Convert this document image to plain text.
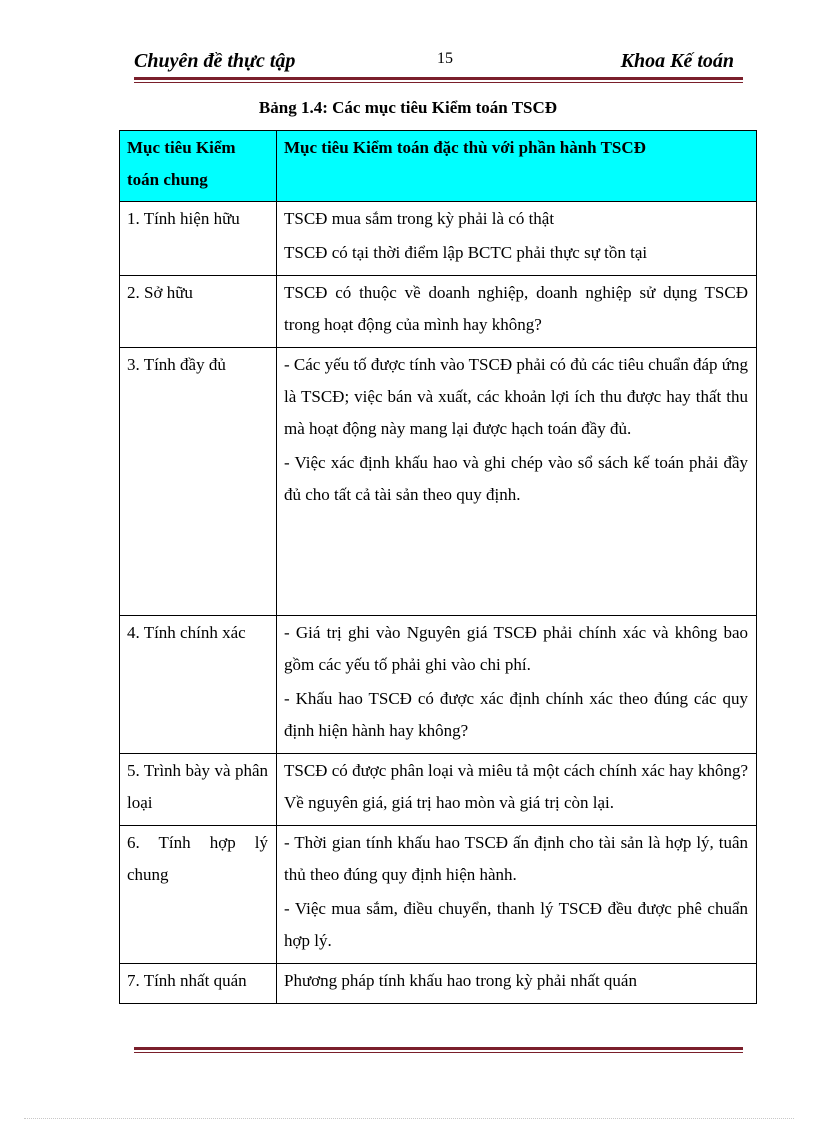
Chuyên đề thực tập	15	Khoa Kế toán
Bảng 1.4: Các mục tiêu Kiểm toán TSCĐ
Mục tiêu Kiểm toán chung	Mục tiêu Kiểm toán đặc thù với phần hành TSCĐ
1. Tính hiện hữu	TSCĐ mua sắm trong kỳ phải là có thật

TSCĐ có tại thời điểm lập BCTC phải thực sự tồn tại

2. Sở hữu	TSCĐ có thuộc về doanh nghiệp, doanh nghiệp sử dụng TSCĐ trong hoạt động của mình hay không?

3. Tính đầy đủ	- Các yếu tố được tính vào TSCĐ phải có đủ các tiêu chuẩn đáp ứng là TSCĐ; việc bán và xuất, các khoản lợi ích thu được hay thất thu mà hoạt động này mang lại được hạch toán đầy đủ.

- Việc xác định khấu hao và ghi chép vào sổ sách kế toán phải đầy đủ cho tất cả tài sản theo quy định.

4. Tính chính xác	- Giá trị ghi vào Nguyên giá TSCĐ phải chính xác và không bao gồm các yếu tố phải ghi vào chi phí.

- Khấu hao TSCĐ có được xác định chính xác theo đúng các quy định hiện hành hay không?

5. Trình bày và phân loại	TSCĐ có được phân loại và miêu tả một cách chính xác hay không? Về nguyên giá, giá trị hao mòn và giá trị còn lại.

6. Tính hợp lý chung	- Thời gian tính khấu hao TSCĐ ấn định cho tài sản là hợp lý, tuân thủ theo đúng quy định hiện hành.

- Việc mua sắm, điều chuyển, thanh lý TSCĐ đều được phê chuẩn hợp lý.

7. Tính nhất quán	Phương pháp tính khấu hao trong kỳ phải nhất quán
